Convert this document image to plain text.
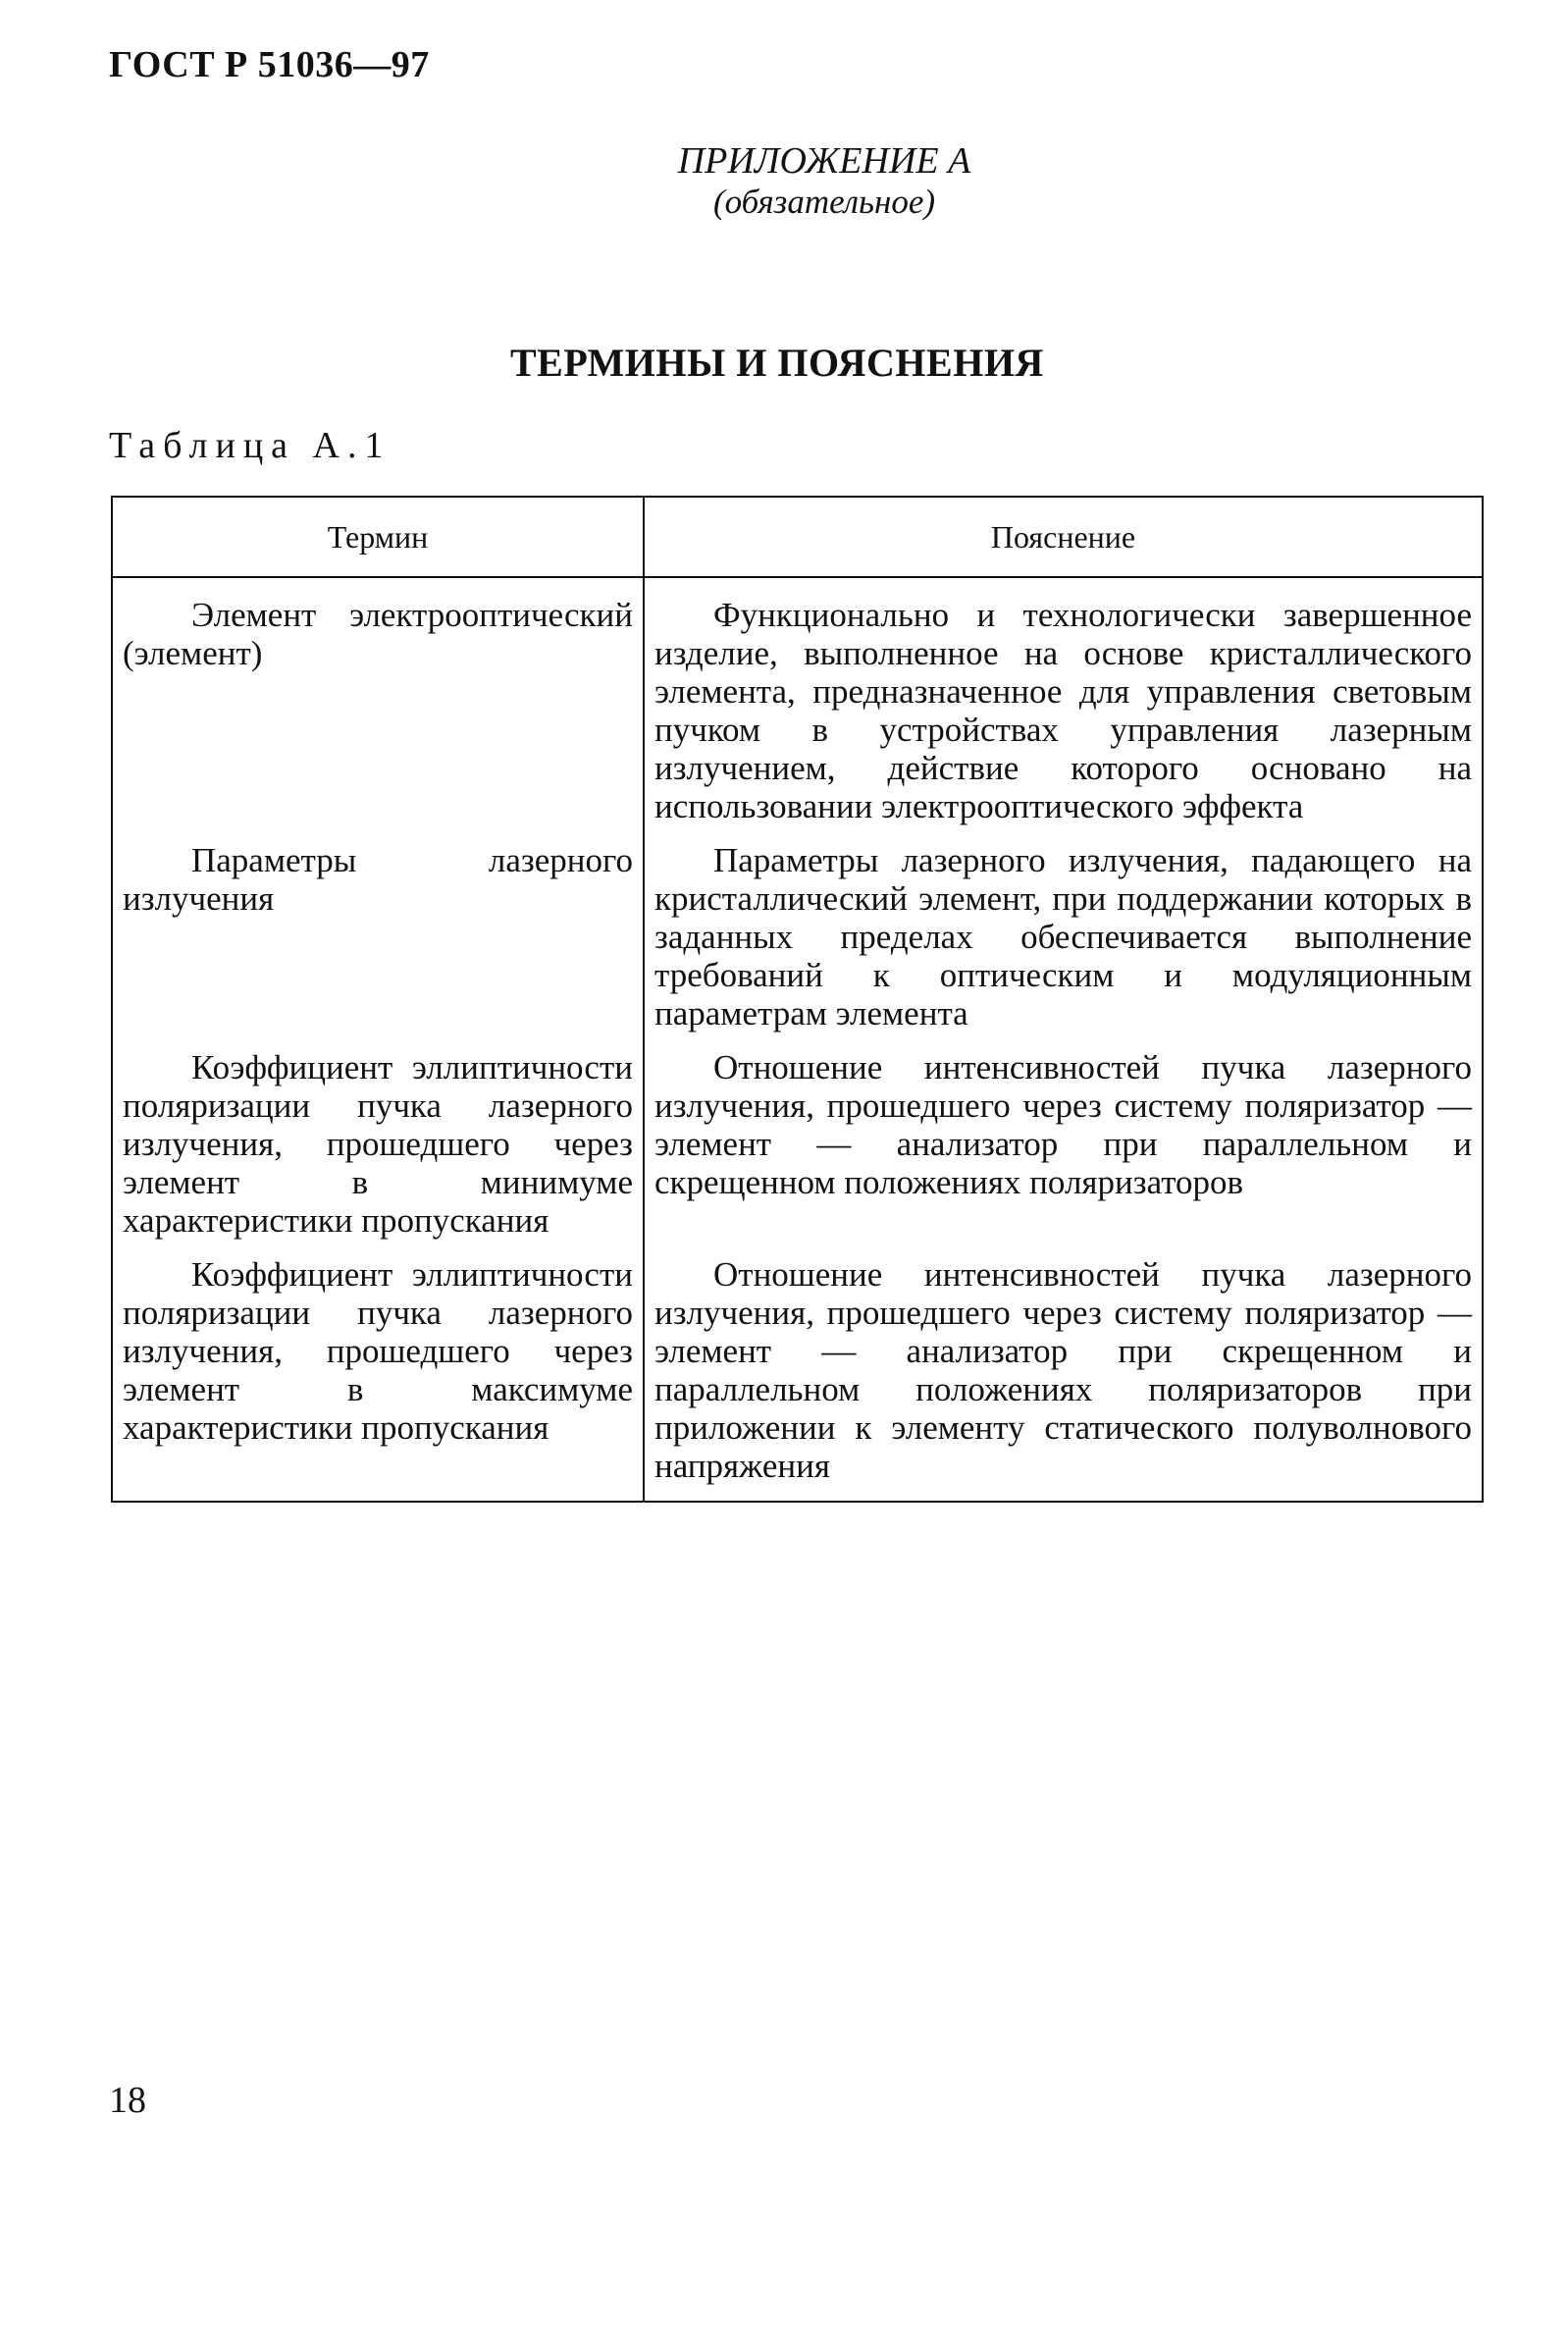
ГОСТ Р 51036—97
ПРИЛОЖЕНИЕ А
(обязательное)
ТЕРМИНЫ И ПОЯСНЕНИЯ
Таблица А.1
Термин	Пояснение
Элемент электрооптический (элемент)	Функционально и технологически завершенное изделие, выполненное на основе кристаллического элемента, предназначенное для управления световым пучком в устройствах управления лазерным излучением, действие которого основано на использовании электрооптического эффекта
Параметры лазерного излучения	Параметры лазерного излучения, падающего на кристаллический элемент, при поддержании которых в заданных пределах обеспечивается выполнение требований к оптическим и модуляционным параметрам элемента
Коэффициент эллиптичности поляризации пучка лазерного излучения, прошедшего через элемент в минимуме характеристики пропускания	Отношение интенсивностей пучка лазерного излучения, прошедшего через систему поляризатор — элемент — анализатор при параллельном и скрещенном положениях поляризаторов
Коэффициент эллиптичности поляризации пучка лазерного излучения, прошедшего через элемент в максимуме характеристики пропускания	Отношение интенсивностей пучка лазерного излучения, прошедшего через систему поляризатор — элемент — анализатор при скрещенном и параллельном положениях поляризаторов при приложении к элементу статического полуволнового напряжения
18
